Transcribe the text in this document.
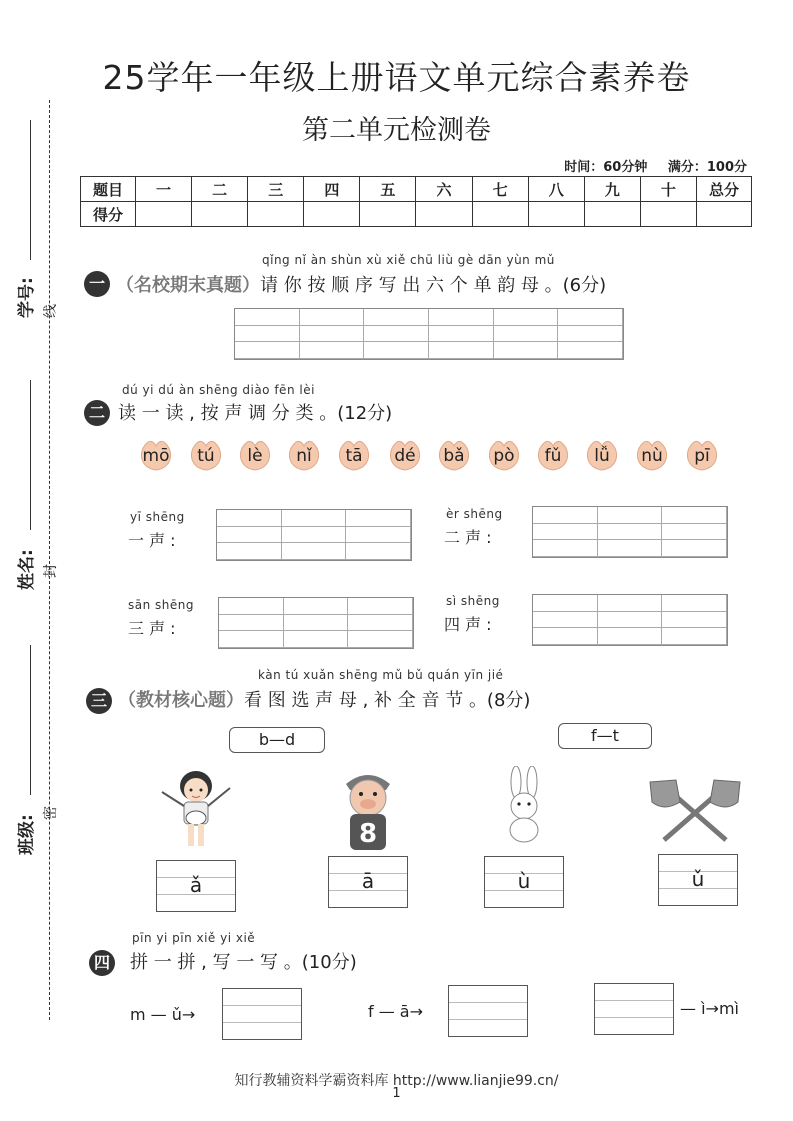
25学年一年级上册语文单元综合素养卷
第二单元检测卷
时间：60分钟 满分：100分
题目	一	二	三	四	五	六	七	八	九	十	总分
得分											
学号: 线
姓名: 封
班级:
密
qǐng nǐ àn shùn xù xiě chū liù gè dān yùn mǔ
一 （名校期末真题）请 你 按 顺 序 写 出 六 个 单 韵 母 。(6分)
dú yi dú àn shēng diào fēn lèi
二 读 一 读 , 按 声 调 分 类 。(12分)
mō	tú	lè	nǐ	tā	dé	bǎ	pò	fǔ	lǚ	nù	pī
yī shēng
一 声 :
èr shēng
二 声 :
sān shēng
三 声 :
sì shēng
四 声 :
kàn tú xuǎn shēng mǔ bǔ quán yīn jié
三 （教材核心题）看 图 选 声 母 , 补 全 音 节 。(8分)
b—d	f—t
8
ǎ	ā	ù	ǔ
pīn yi pīn xiě yi xiě
四 拼 一 拼 , 写 一 写 。(10分)
m — ǔ→	f — ā→	— ì→mì
知行教辅资料学霸资料库 http://www.lianjie99.cn/
1
